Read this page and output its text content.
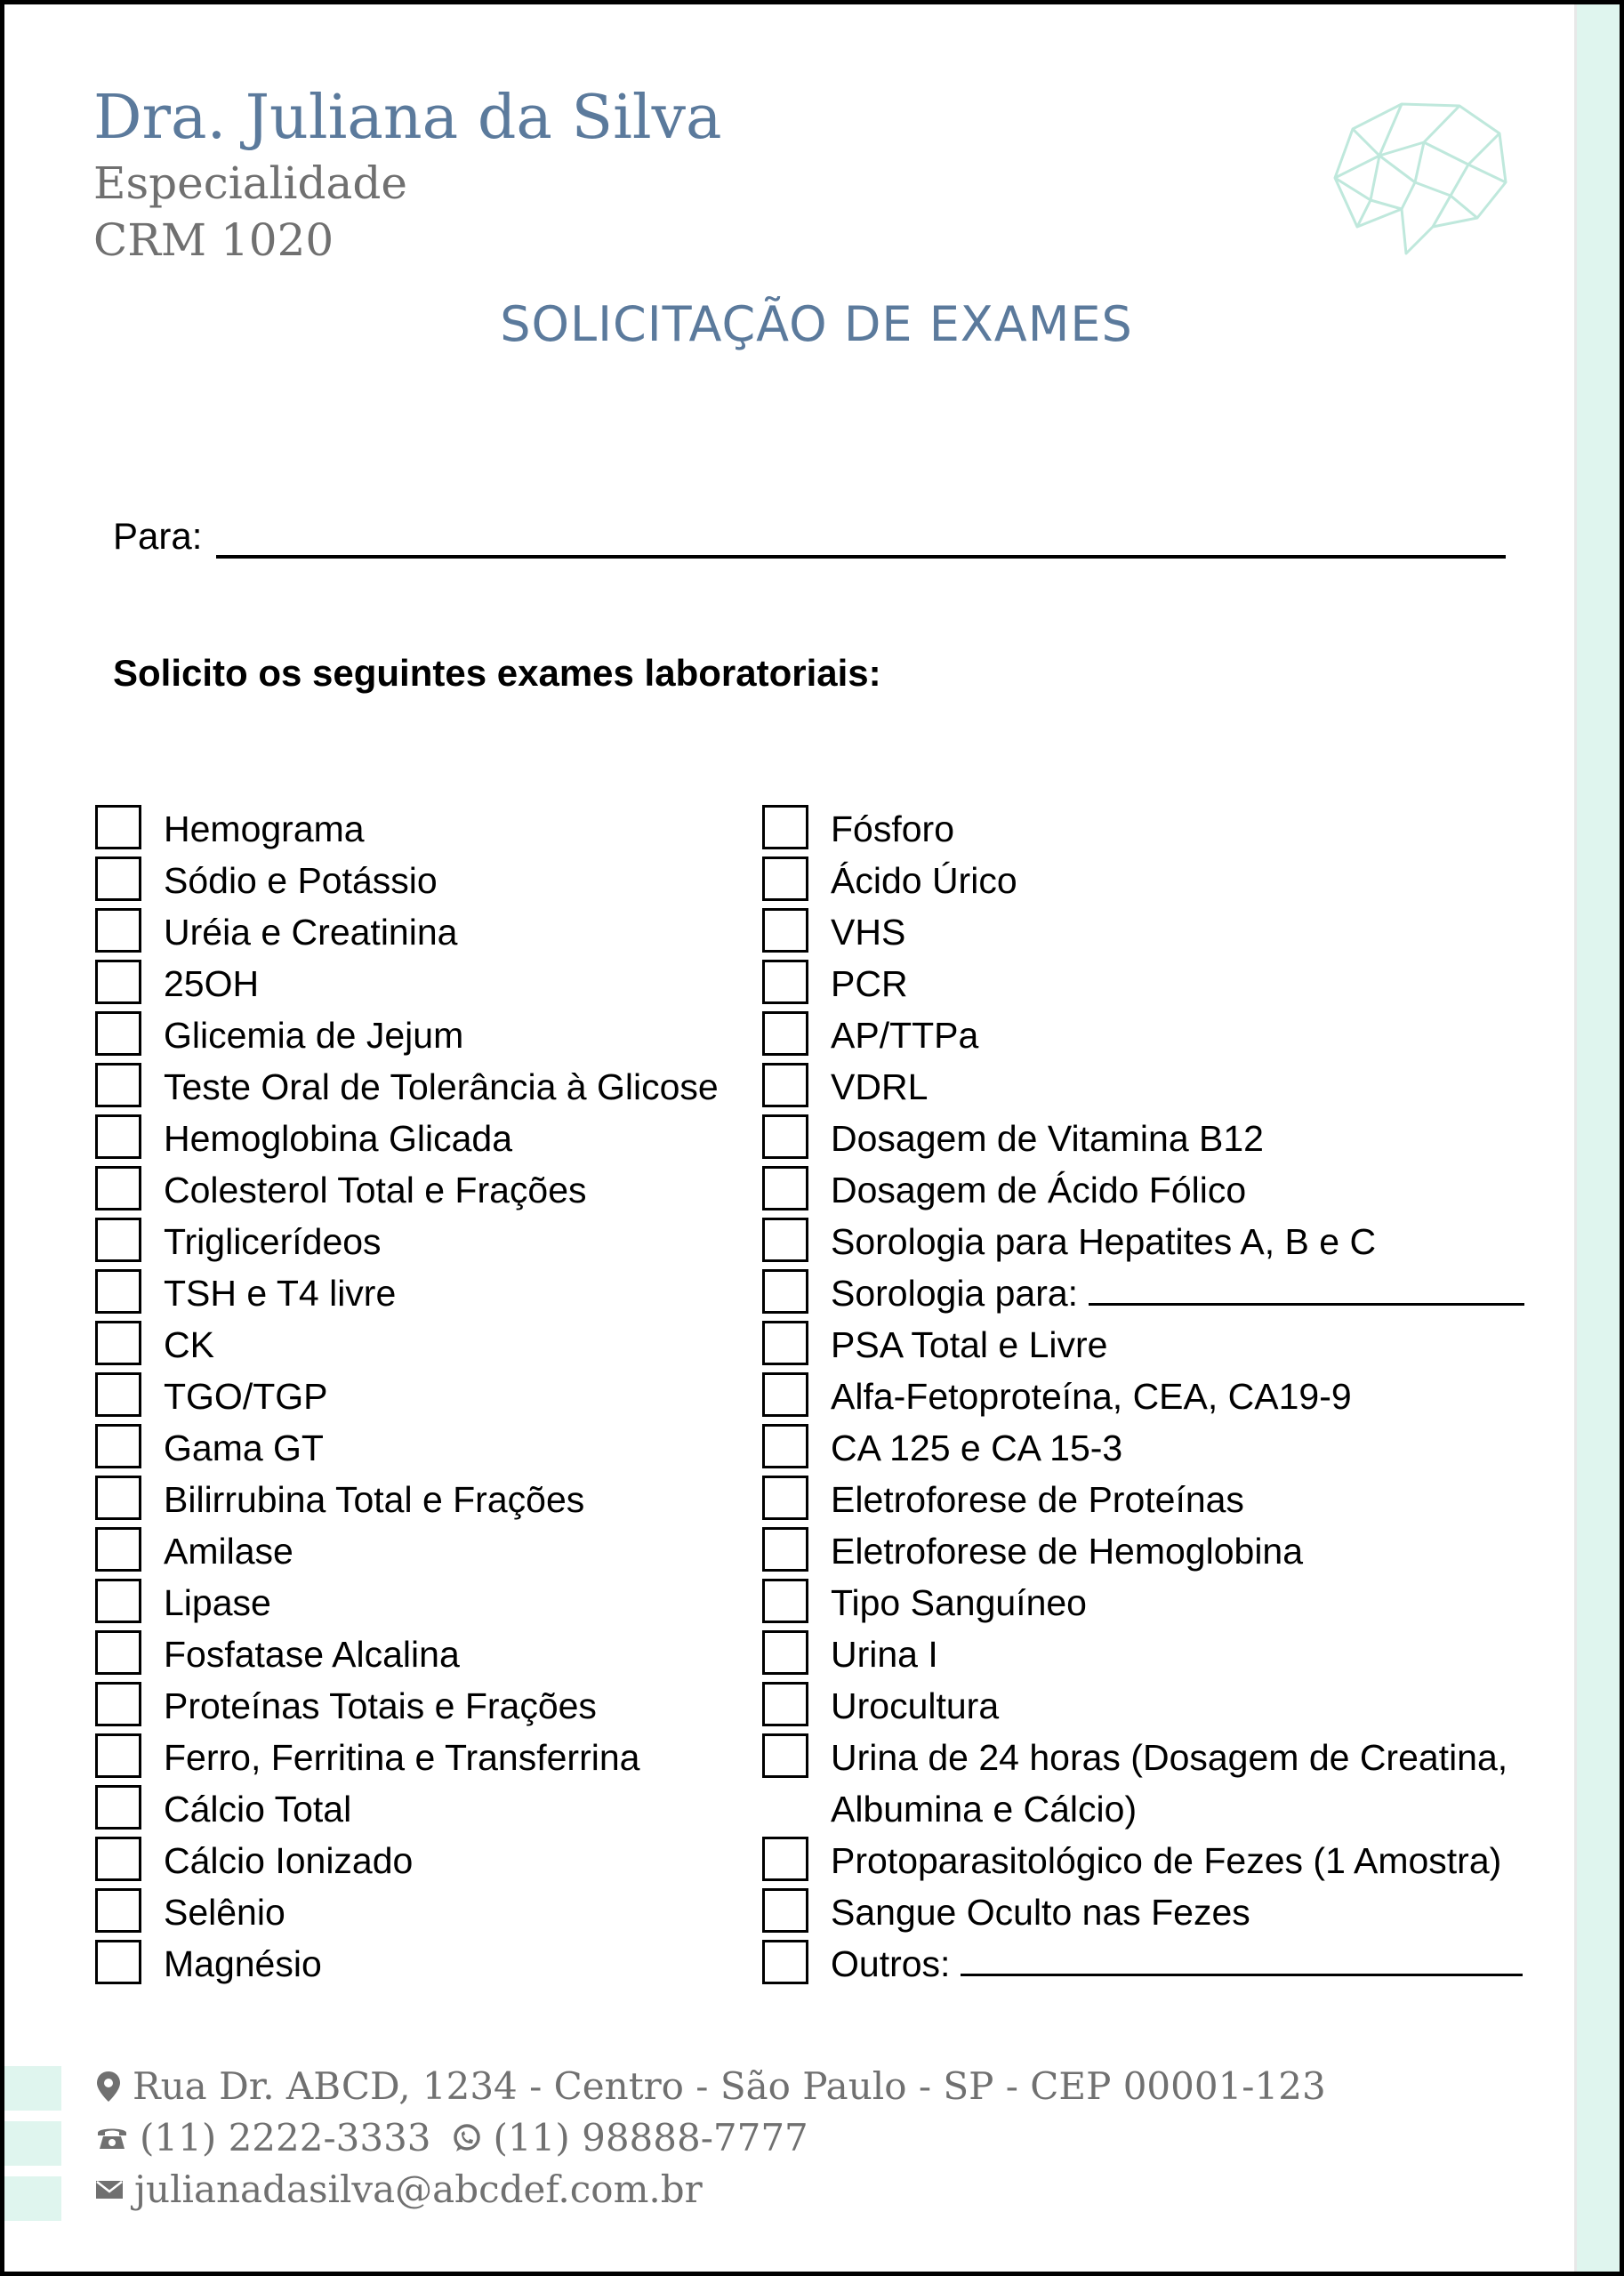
Dra. Juliana da Silva
Especialidade
CRM 1020
SOLICITAÇÃO DE EXAMES
Para:
Solicito os seguintes exames laboratoriais:
Hemograma
Sódio e Potássio
Uréia e Creatinina
25OH
Glicemia de Jejum
Teste Oral de Tolerância à Glicose
Hemoglobina Glicada
Colesterol Total e Frações
Triglicerídeos
TSH e T4 livre
CK
TGO/TGP
Gama GT
Bilirrubina Total e Frações
Amilase
Lipase
Fosfatase Alcalina
Proteínas Totais e Frações
Ferro, Ferritina e Transferrina
Cálcio Total
Cálcio Ionizado
Selênio
Magnésio
Fósforo
Ácido Úrico
VHS
PCR
AP/TTPa
VDRL
Dosagem de Vitamina B12
Dosagem de Ácido Fólico
Sorologia para Hepatites A, B e C
Sorologia para:
PSA Total e Livre
Alfa-Fetoproteína, CEA, CA19-9
CA 125 e CA 15-3
Eletroforese de Proteínas
Eletroforese de Hemoglobina
Tipo Sanguíneo
Urina I
Urocultura
Urina de 24 horas (Dosagem de Creatina, Albumina e Cálcio)
Protoparasitológico de Fezes (1 Amostra)
Sangue Oculto nas Fezes
Outros:
Rua Dr. ABCD, 1234 - Centro - São Paulo - SP - CEP 00001-123
(11) 2222-3333 (11) 98888-7777
julianadasilva@abcdef.com.br
